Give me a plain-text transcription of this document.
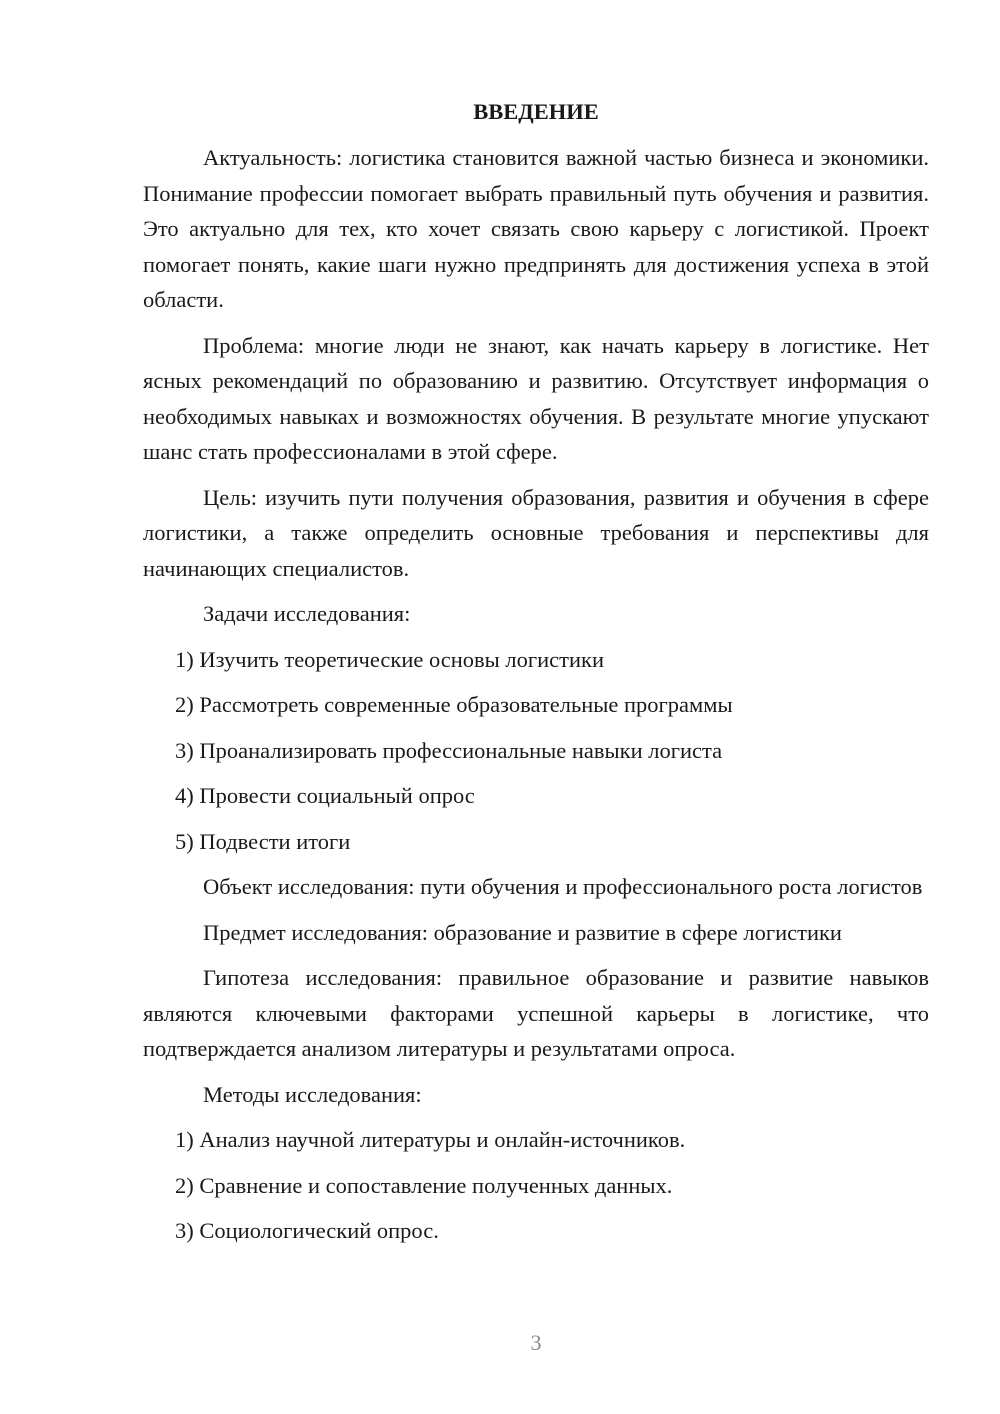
ВВЕДЕНИЕ

Актуальность: логистика становится важной частью бизнеса и экономики. Понимание профессии помогает выбрать правильный путь обучения и развития. Это актуально для тех, кто хочет связать свою карьеру с логистикой. Проект помогает понять, какие шаги нужно предпринять для достижения успеха в этой области.

Проблема: многие люди не знают, как начать карьеру в логистике. Нет ясных рекомендаций по образованию и развитию. Отсутствует информация о необходимых навыках и возможностях обучения. В результате многие упускают шанс стать профессионалами в этой сфере.

Цель: изучить пути получения образования, развития и обучения в сфере логистики, а также определить основные требования и перспективы для начинающих специалистов.

Задачи исследования:

1) Изучить теоретические основы логистики
2) Рассмотреть современные образовательные программы
3) Проанализировать профессиональные навыки логиста
4) Провести социальный опрос
5) Подвести итоги

Объект исследования: пути обучения и профессионального роста логистов

Предмет исследования: образование и развитие в сфере логистики

Гипотеза исследования: правильное образование и развитие навыков являются ключевыми факторами успешной карьеры в логистике, что подтверждается анализом литературы и результатами опроса.

Методы исследования:

1) Анализ научной литературы и онлайн-источников.
2) Сравнение и сопоставление полученных данных.
3) Социологический опрос.
3
